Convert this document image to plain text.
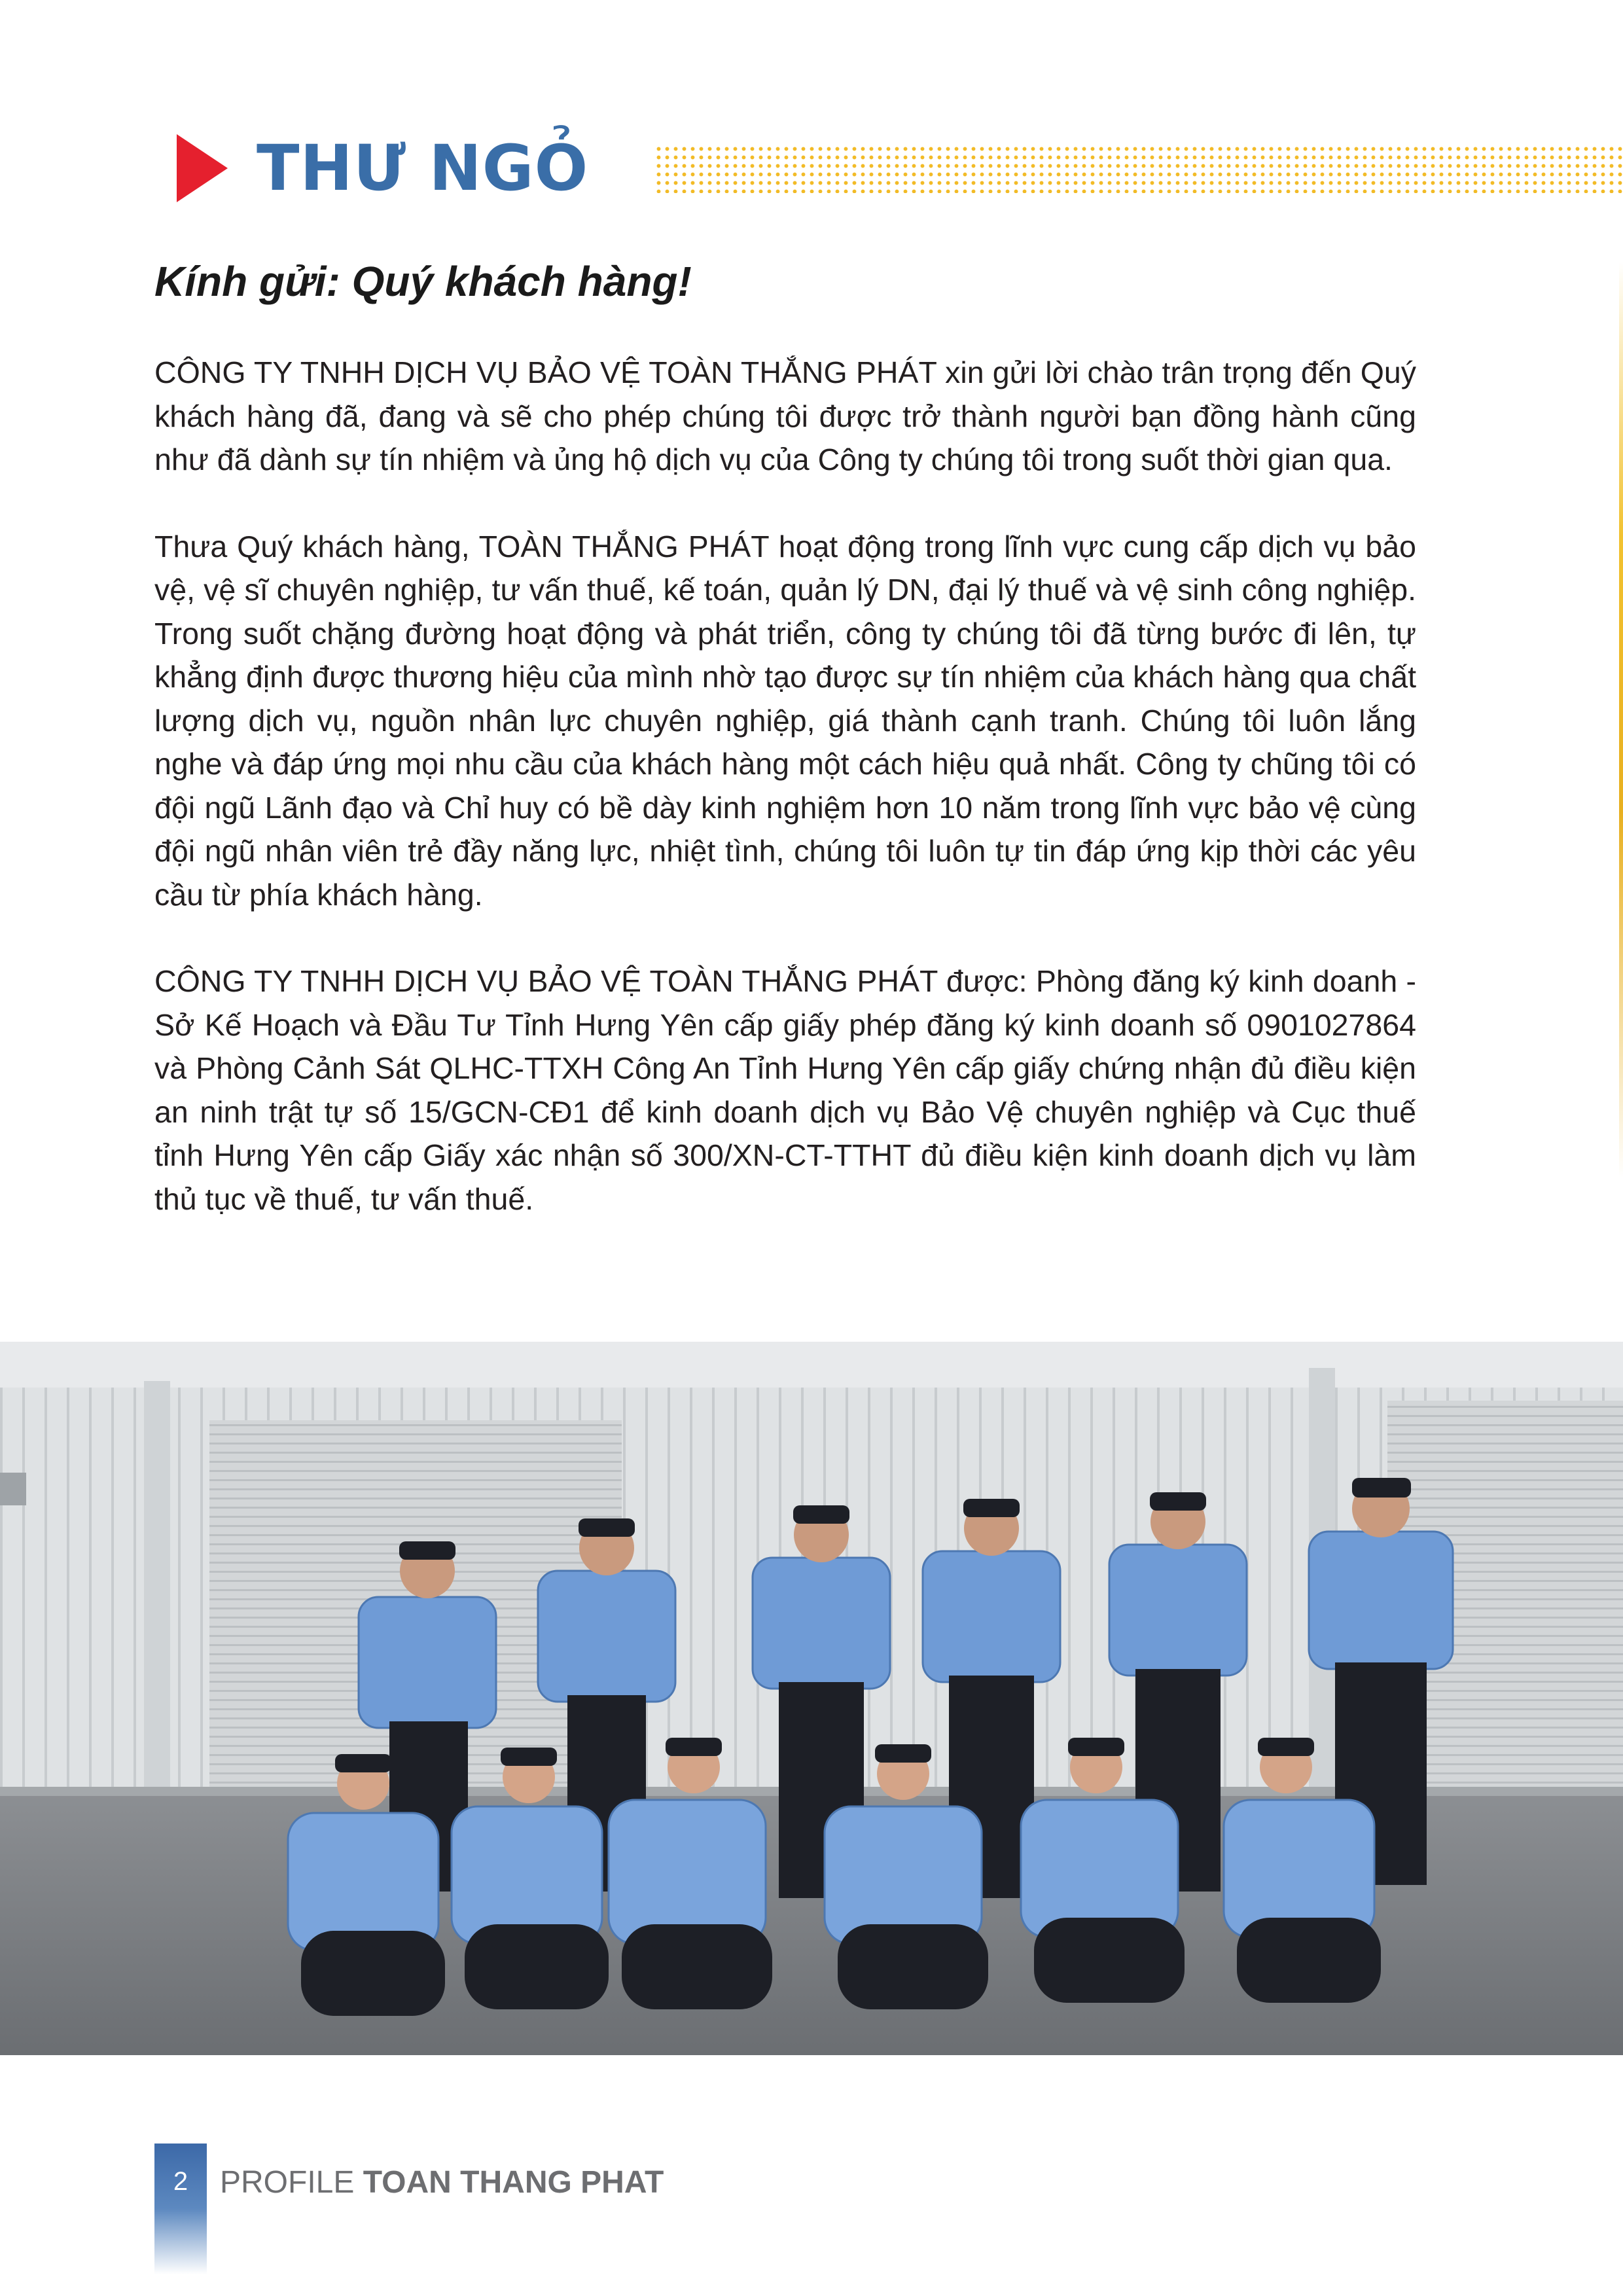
THƯ NGỎ

Kính gửi: Quý khách hàng!

CÔNG TY TNHH DỊCH VỤ BẢO VỆ TOÀN THẮNG PHÁT xin gửi lời chào trân trọng đến Quý khách hàng đã, đang và sẽ cho phép chúng tôi được trở thành người bạn đồng hành cũng như đã dành sự tín nhiệm và ủng hộ dịch vụ của Công ty chúng tôi trong suốt thời gian qua.

Thưa Quý khách hàng, TOÀN THẮNG PHÁT hoạt động trong lĩnh vực cung cấp dịch vụ bảo vệ, vệ sĩ chuyên nghiệp, tư vấn thuế, kế toán, quản lý DN, đại lý thuế và vệ sinh công nghiệp. Trong suốt chặng đường hoạt động và phát triển, công ty chúng tôi đã từng bước đi lên, tự khẳng định được thương hiệu của mình nhờ tạo được sự tín nhiệm của khách hàng qua chất lượng dịch vụ, nguồn nhân lực chuyên nghiệp, giá thành cạnh tranh. Chúng tôi luôn lắng nghe và đáp ứng mọi nhu cầu của khách hàng một cách hiệu quả nhất. Công ty chũng tôi có đội ngũ Lãnh đạo và Chỉ huy có bề dày kinh nghiệm hơn 10 năm trong lĩnh vực bảo vệ cùng đội ngũ nhân viên trẻ đầy năng lực, nhiệt tình, chúng tôi luôn tự tin đáp ứng kịp thời các yêu cầu từ phía khách hàng.

CÔNG TY TNHH DỊCH VỤ BẢO VỆ TOÀN THẮNG PHÁT được: Phòng đăng ký kinh doanh - Sở Kế Hoạch và Đầu Tư Tỉnh Hưng Yên cấp giấy phép đăng ký kinh doanh số 0901027864 và Phòng Cảnh Sát QLHC-TTXH Công An Tỉnh Hưng Yên cấp giấy chứng nhận đủ điều kiện an ninh trật tự số 15/GCN-CĐ1 để kinh doanh dịch vụ Bảo Vệ chuyên nghiệp và Cục thuế tỉnh Hưng Yên cấp Giấy xác nhận số 300/XN-CT-TTHT đủ điều kiện kinh doanh dịch vụ làm thủ tục về thuế, tư vấn thuế.

2	PROFILE TOAN THANG PHAT
